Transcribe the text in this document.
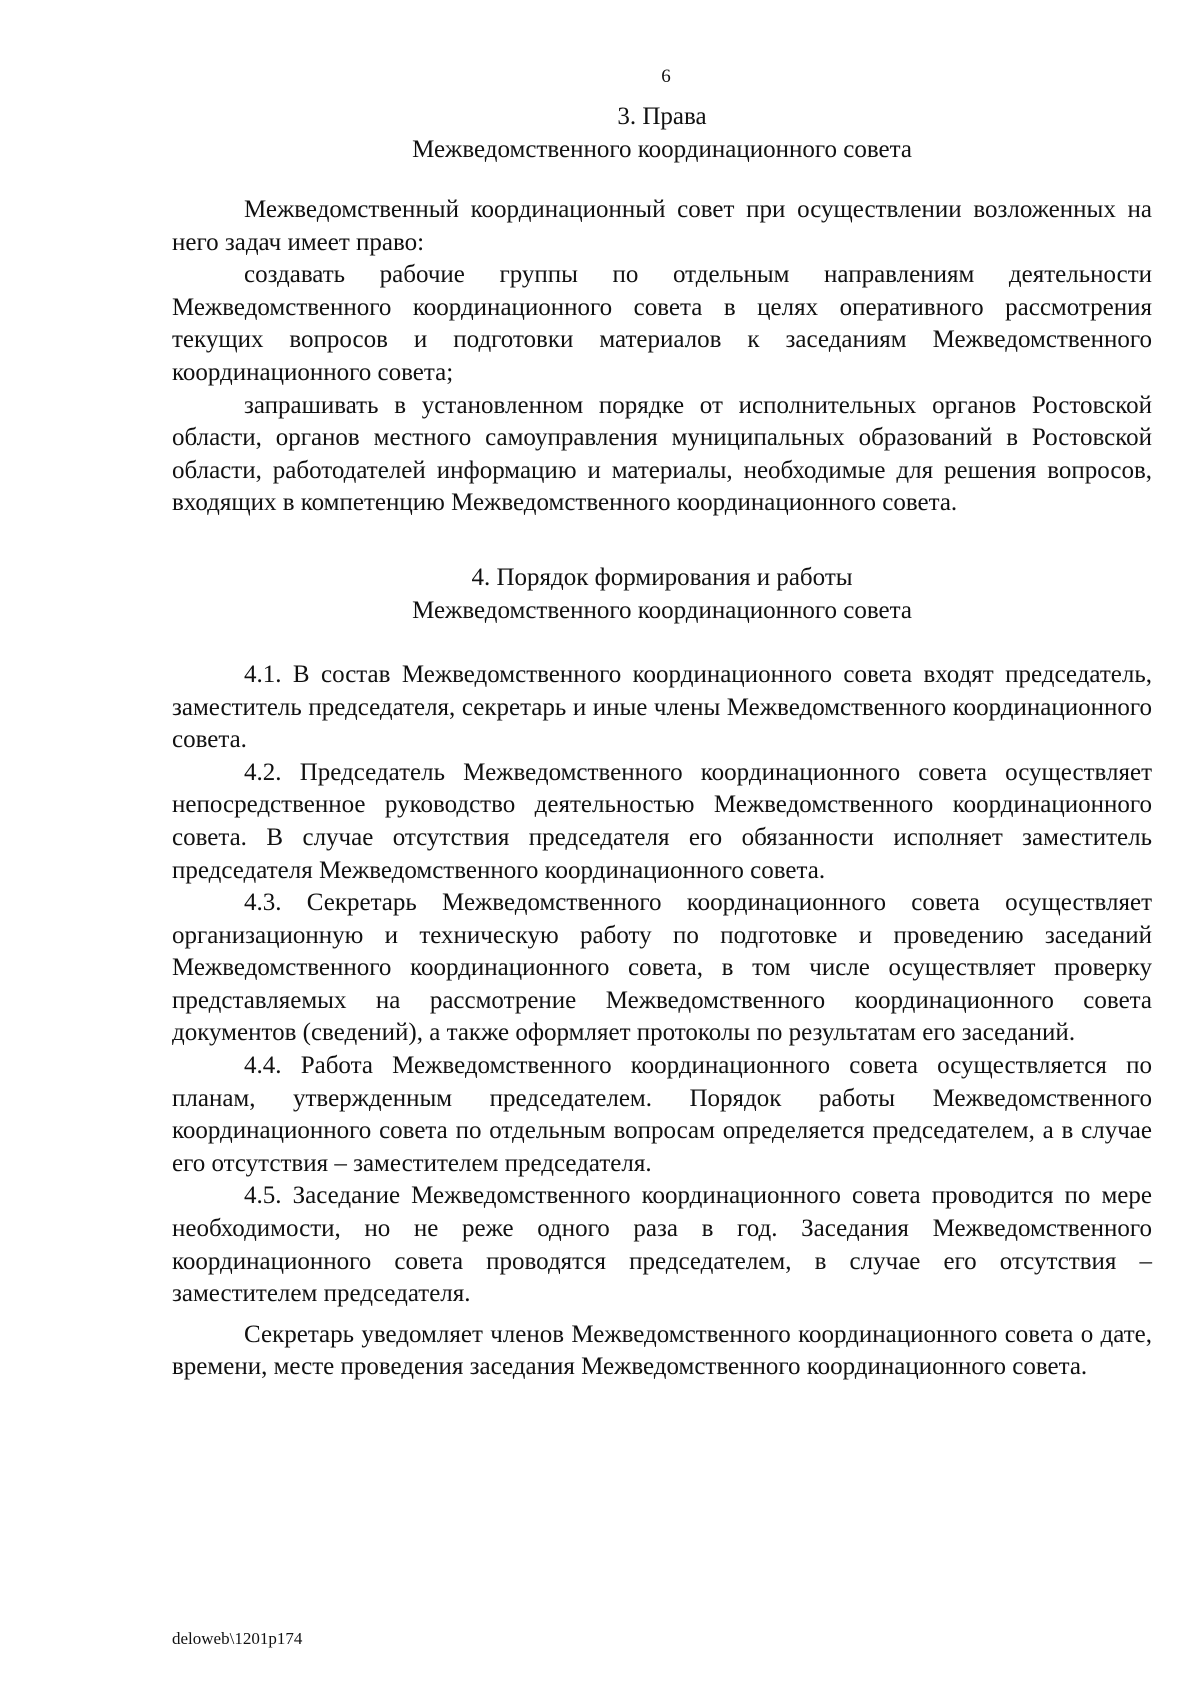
6
3. Права
Межведомственного координационного совета

Межведомственный координационный совет при осуществлении возложенных на него задач имеет право:

создавать рабочие группы по отдельным направлениям деятельности Межведомственного координационного совета в целях оперативного рассмотрения текущих вопросов и подготовки материалов к заседаниям Межведомственного координационного совета;

запрашивать в установленном порядке от исполнительных органов Ростовской области, органов местного самоуправления муниципальных образований в Ростовской области, работодателей информацию и материалы, необходимые для решения вопросов, входящих в компетенцию Межведомственного координационного совета.

4. Порядок формирования и работы
Межведомственного координационного совета

4.1. В состав Межведомственного координационного совета входят председатель, заместитель председателя, секретарь и иные члены Межведомственного координационного совета.

4.2. Председатель Межведомственного координационного совета осуществляет непосредственное руководство деятельностью Межведомственного координационного совета. В случае отсутствия председателя его обязанности исполняет заместитель председателя Межведомственного координационного совета.

4.3. Секретарь Межведомственного координационного совета осуществляет организационную и техническую работу по подготовке и проведению заседаний Межведомственного координационного совета, в том числе осуществляет проверку представляемых на рассмотрение Межведомственного координационного совета документов (сведений), а также оформляет протоколы по результатам его заседаний.

4.4. Работа Межведомственного координационного совета осуществляется по планам, утвержденным председателем. Порядок работы Межведомственного координационного совета по отдельным вопросам определяется председателем, а в случае его отсутствия – заместителем председателя.

4.5. Заседание Межведомственного координационного совета проводится по мере необходимости, но не реже одного раза в год. Заседания Межведомственного координационного совета проводятся председателем, в случае его отсутствия – заместителем председателя.

Секретарь уведомляет членов Межведомственного координационного совета о дате, времени, месте проведения заседания Межведомственного координационного совета.

deloweb\1201p174
